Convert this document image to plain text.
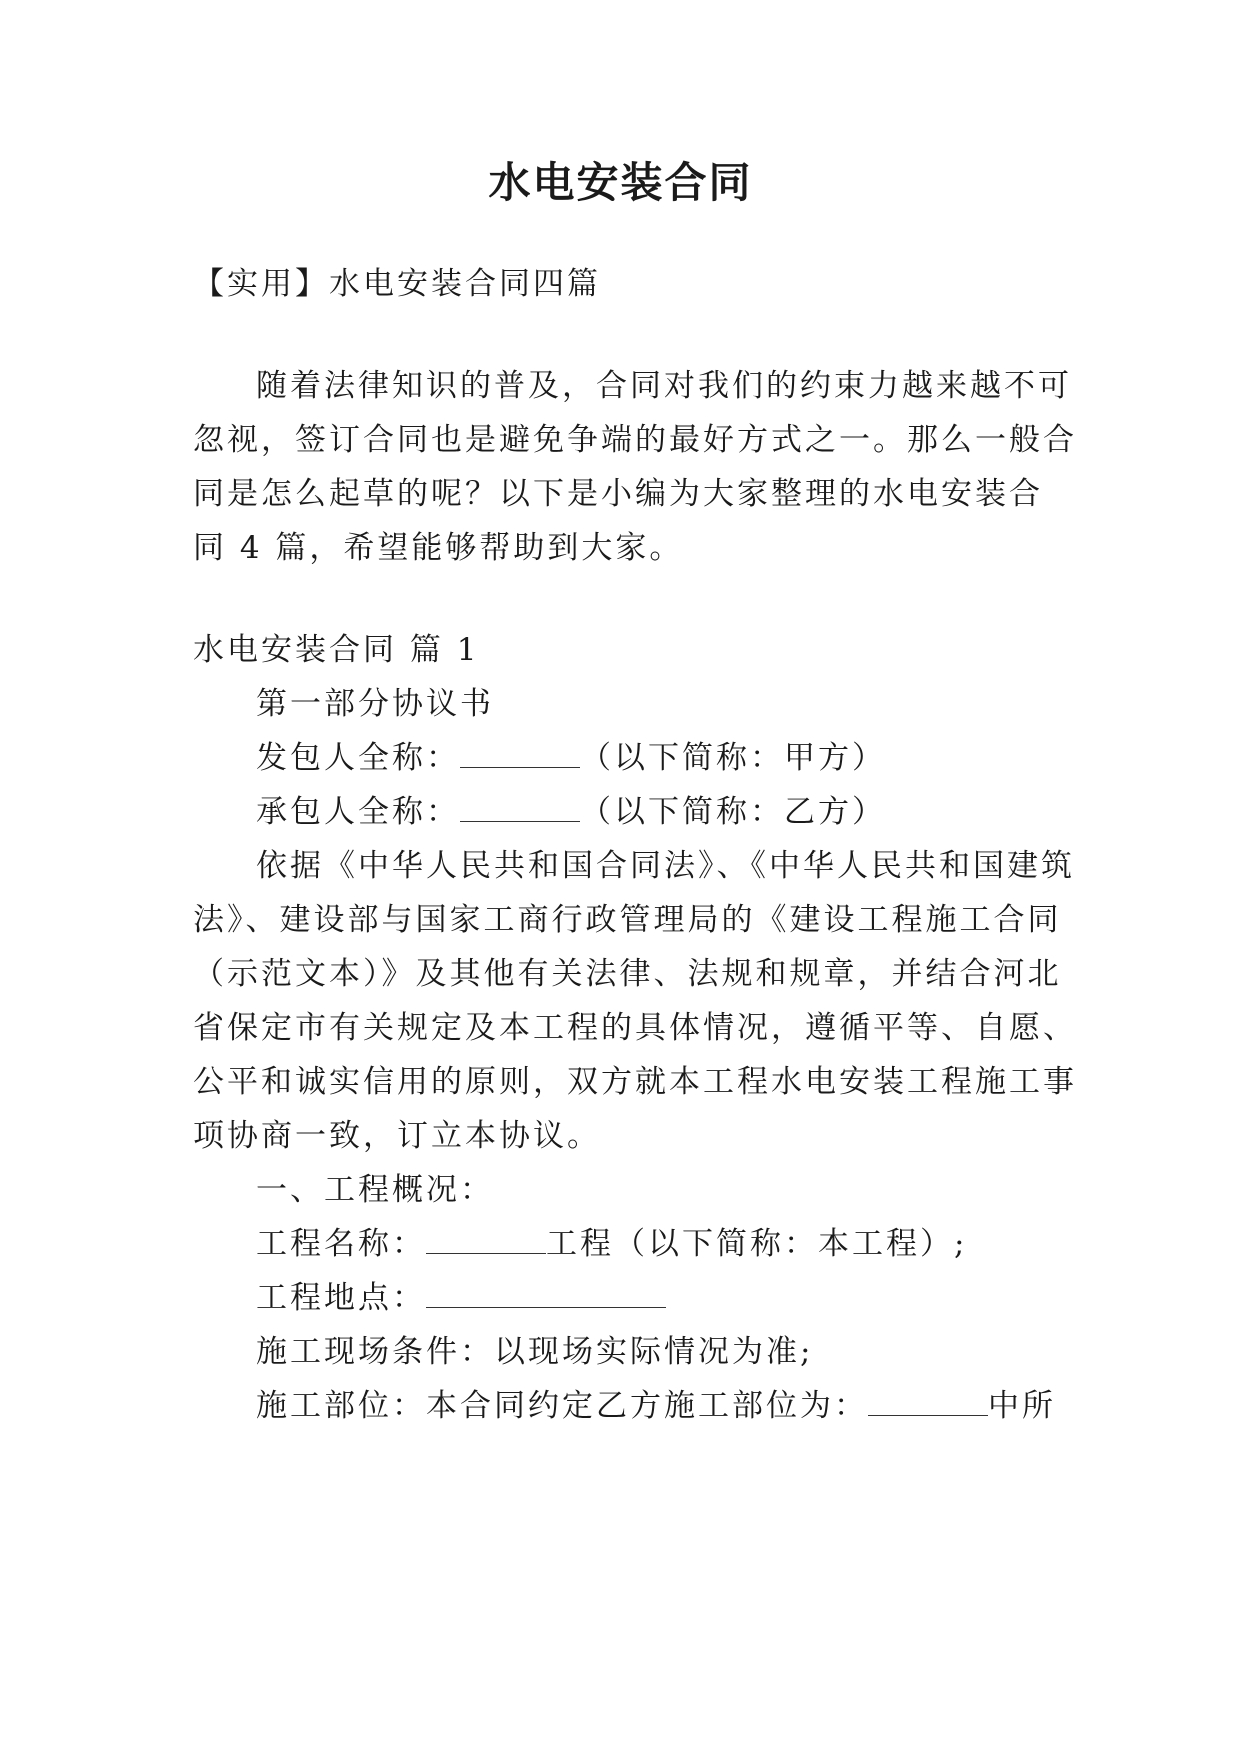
水电安装合同
【实用】水电安装合同四篇
随着法律知识的普及，合同对我们的约束力越来越不可
忽视，签订合同也是避免争端的最好方式之一。那么一般合
同是怎么起草的呢？以下是小编为大家整理的水电安装合
同 4 篇，希望能够帮助到大家。
水电安装合同 篇 1
第一部分协议书
发包人全称：	（以下简称：甲方）
承包人全称：	（以下简称：乙方）
依据《中华人民共和国合同法》、《中华人民共和国建筑
法》、建设部与国家工商行政管理局的《建设工程施工合同
（示范文本）》及其他有关法律、法规和规章，并结合河北
省保定市有关规定及本工程的具体情况，遵循平等、自愿、
公平和诚实信用的原则，双方就本工程水电安装工程施工事
项协商一致，订立本协议。
一、工程概况：
工程名称：	工程（以下简称：本工程）;
工程地点：
施工现场条件：以现场实际情况为准;
施工部位：本合同约定乙方施工部位为：	中所
